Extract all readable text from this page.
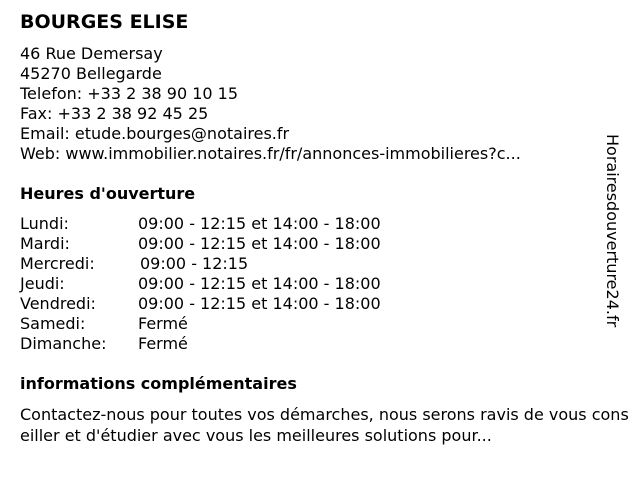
BOURGES ELISE
46 Rue Demersay
45270 Bellegarde
Telefon: +33 2 38 90 10 15
Fax: +33 2 38 92 45 25
Email: etude.bourges@notaires.fr
Web: www.immobilier.notaires.fr/fr/annonces-immobilieres?c...
Heures d'ouverture
Lundi:	09:00 - 12:15 et 14:00 - 18:00
Mardi:	09:00 - 12:15 et 14:00 - 18:00
Mercredi:	09:00 - 12:15
Jeudi:	09:00 - 12:15 et 14:00 - 18:00
Vendredi:	09:00 - 12:15 et 14:00 - 18:00
Samedi:	Fermé
Dimanche: Fermé
informations complémentaires

Contactez-nous pour toutes vos démarches, nous serons ravis de vous conseiller et d'étudier avec vous les meilleures solutions pour...

Horairesdouverture24.fr
